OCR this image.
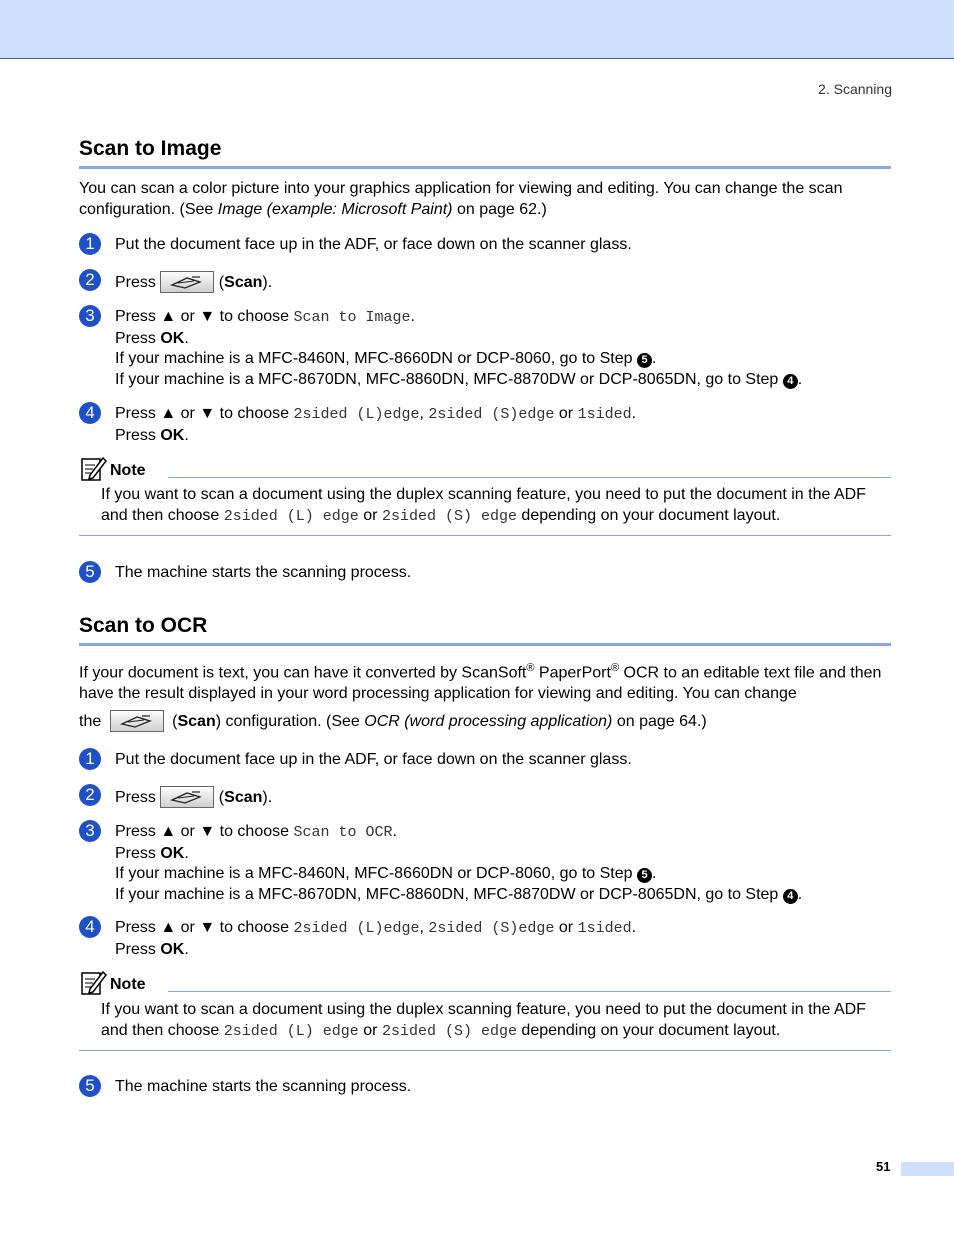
2. Scanning
Scan to Image
You can scan a color picture into your graphics application for viewing and editing. You can change the scan configuration. (See Image (example: Microsoft Paint) on page 62.)
1	Put the document face up in the ADF, or face down on the scanner glass.
2	Press	(Scan).
3	Press ▲ or ▼ to choose Scan to Image.
Press OK.
If your machine is a MFC-8460N, MFC-8660DN or DCP-8060, go to Step 5 .
If your machine is a MFC-8670DN, MFC-8860DN, MFC-8870DW or DCP-8065DN, go to Step 4 .
4	Press ▲ or ▼ to choose 2sided (L)edge, 2sided (S)edge or 1sided.
Press OK.
Note
If you want to scan a document using the duplex scanning feature, you need to put the document in the ADF and then choose 2sided (L) edge or 2sided (S) edge depending on your document layout.
5	The machine starts the scanning process.
Scan to OCR
If your document is text, you can have it converted by ScanSoft® PaperPort® OCR to an editable text file and then have the result displayed in your word processing application for viewing and editing. You can change
the	(Scan) configuration. (See OCR (word processing application) on page 64.)
1	Put the document face up in the ADF, or face down on the scanner glass.
2	Press	(Scan).
3	Press ▲ or ▼ to choose Scan to OCR.
Press OK.
If your machine is a MFC-8460N, MFC-8660DN or DCP-8060, go to Step 5 .
If your machine is a MFC-8670DN, MFC-8860DN, MFC-8870DW or DCP-8065DN, go to Step 4 .
4	Press ▲ or ▼ to choose 2sided (L)edge, 2sided (S)edge or 1sided.
Press OK.
Note
If you want to scan a document using the duplex scanning feature, you need to put the document in the ADF and then choose 2sided (L) edge or 2sided (S) edge depending on your document layout.
5	The machine starts the scanning process.
51
